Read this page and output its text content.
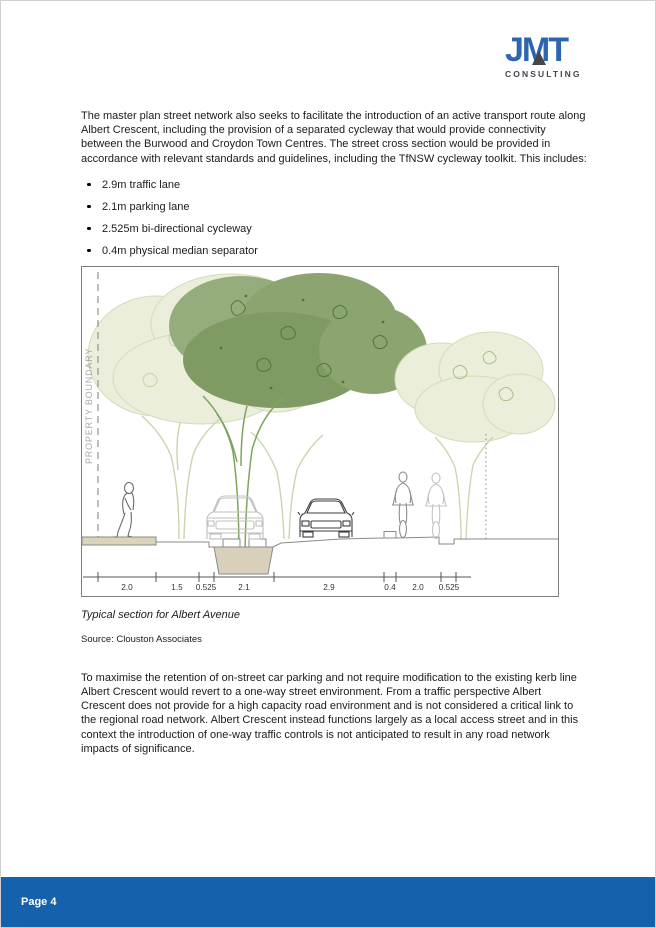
JMT
CONSULTING

The master plan street network also seeks to facilitate the introduction of an active transport route along Albert Crescent, including the provision of a separated cycleway that would provide connectivity between the Burwood and Croydon Town Centres. The street cross section would be provided in accordance with relevant standards and guidelines, including the TfNSW cycleway toolkit. This includes:

2.9m traffic lane
2.1m parking lane
2.525m bi-directional cycleway
0.4m physical median separator
PROPERTY BOUNDARY
2.0	1.5 0.525	2.1	2.9	0.4 2.0 0.525
Typical section for Albert Avenue
Source: Clouston Associates

To maximise the retention of on-street car parking and not require modification to the existing kerb line Albert Crescent would revert to a one-way street environment. From a traffic perspective Albert Crescent does not provide for a high capacity road environment and is not considered a critical link to the regional road network. Albert Crescent instead functions largely as a local access street and in this context the introduction of one-way traffic controls is not anticipated to result in any road network impacts of significance.

Page 4
